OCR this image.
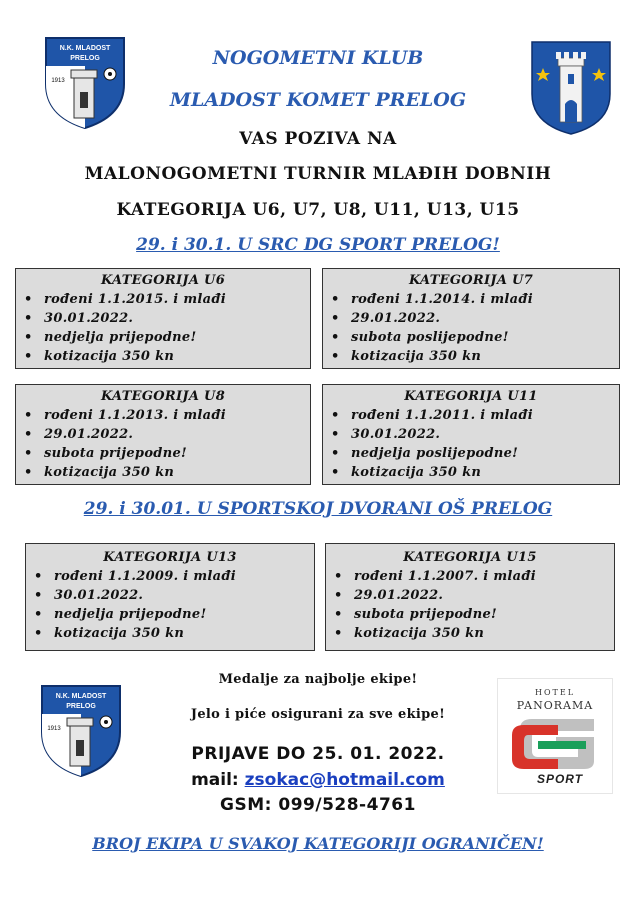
N.K. MLADOST
PRELOG
1913
NOGOMETNI KLUB
MLADOST KOMET PRELOG
VAS POZIVA NA
MALONOGOMETNI TURNIR MLAĐIH DOBNIH
KATEGORIJA U6, U7, U8, U11, U13, U15
29. i 30.1. U SRC DG SPORT PRELOG!
KATEGORIJA U6
• rođeni 1.1.2015. i mlađi
• 30.01.2022.
• nedjelja prijepodne!
• kotizacija 350 kn
KATEGORIJA U7
• rođeni 1.1.2014. i mlađi
• 29.01.2022.
• subota poslijepodne!
• kotizacija 350 kn
KATEGORIJA U8
• rođeni 1.1.2013. i mlađi
• 29.01.2022.
• subota prijepodne!
• kotizacija 350 kn
KATEGORIJA U11
• rođeni 1.1.2011. i mlađi
• 30.01.2022.
• nedjelja poslijepodne!
• kotizacija 350 kn
29. i 30.01. U SPORTSKOJ DVORANI OŠ PRELOG
KATEGORIJA U13
• rođeni 1.1.2009. i mlađi
• 30.01.2022.
• nedjelja prijepodne!
• kotizacija 350 kn
KATEGORIJA U15
• rođeni 1.1.2007. i mlađi
• 29.01.2022.
• subota prijepodne!
• kotizacija 350 kn
N.K. MLADOST
PRELOG
1913
HOTEL
PANORAMA
SPORT
Medalje za najbolje ekipe!
Jelo i piće osigurani za sve ekipe!
PRIJAVE DO 25. 01. 2022.
mail: zsokac@hotmail.com
GSM: 099/528-4761
BROJ EKIPA U SVAKOJ KATEGORIJI OGRANIČEN!
